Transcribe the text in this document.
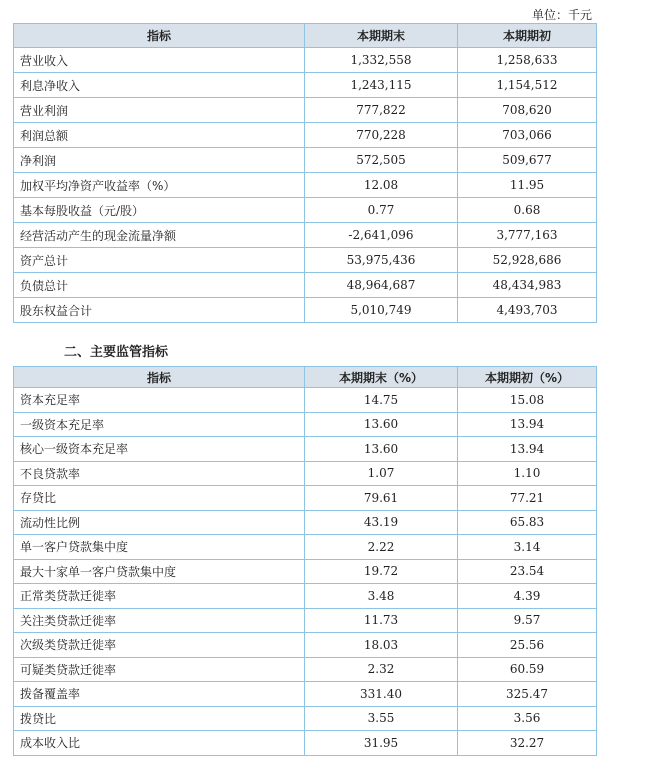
单位：千元
指标	本期期末	本期期初
营业收入	1,332,558	1,258,633
利息净收入	1,243,115	1,154,512
营业利润	777,822	708,620
利润总额	770,228	703,066
净利润	572,505	509,677
加权平均净资产收益率（%）	12.08	11.95
基本每股收益（元/股）	0.77	0.68
经营活动产生的现金流量净额	-2,641,096	3,777,163
资产总计	53,975,436	52,928,686
负债总计	48,964,687	48,434,983
股东权益合计	5,010,749	4,493,703
二、主要监管指标
指标	本期期末（%）	本期期初（%）
资本充足率	14.75	15.08
一级资本充足率	13.60	13.94
核心一级资本充足率	13.60	13.94
不良贷款率	1.07	1.10
存贷比	79.61	77.21
流动性比例	43.19	65.83
单一客户贷款集中度	2.22	3.14
最大十家单一客户贷款集中度	19.72	23.54
正常类贷款迁徙率	3.48	4.39
关注类贷款迁徙率	11.73	9.57
次级类贷款迁徙率	18.03	25.56
可疑类贷款迁徙率	2.32	60.59
拨备覆盖率	331.40	325.47
拨贷比	3.55	3.56
成本收入比	31.95	32.27
